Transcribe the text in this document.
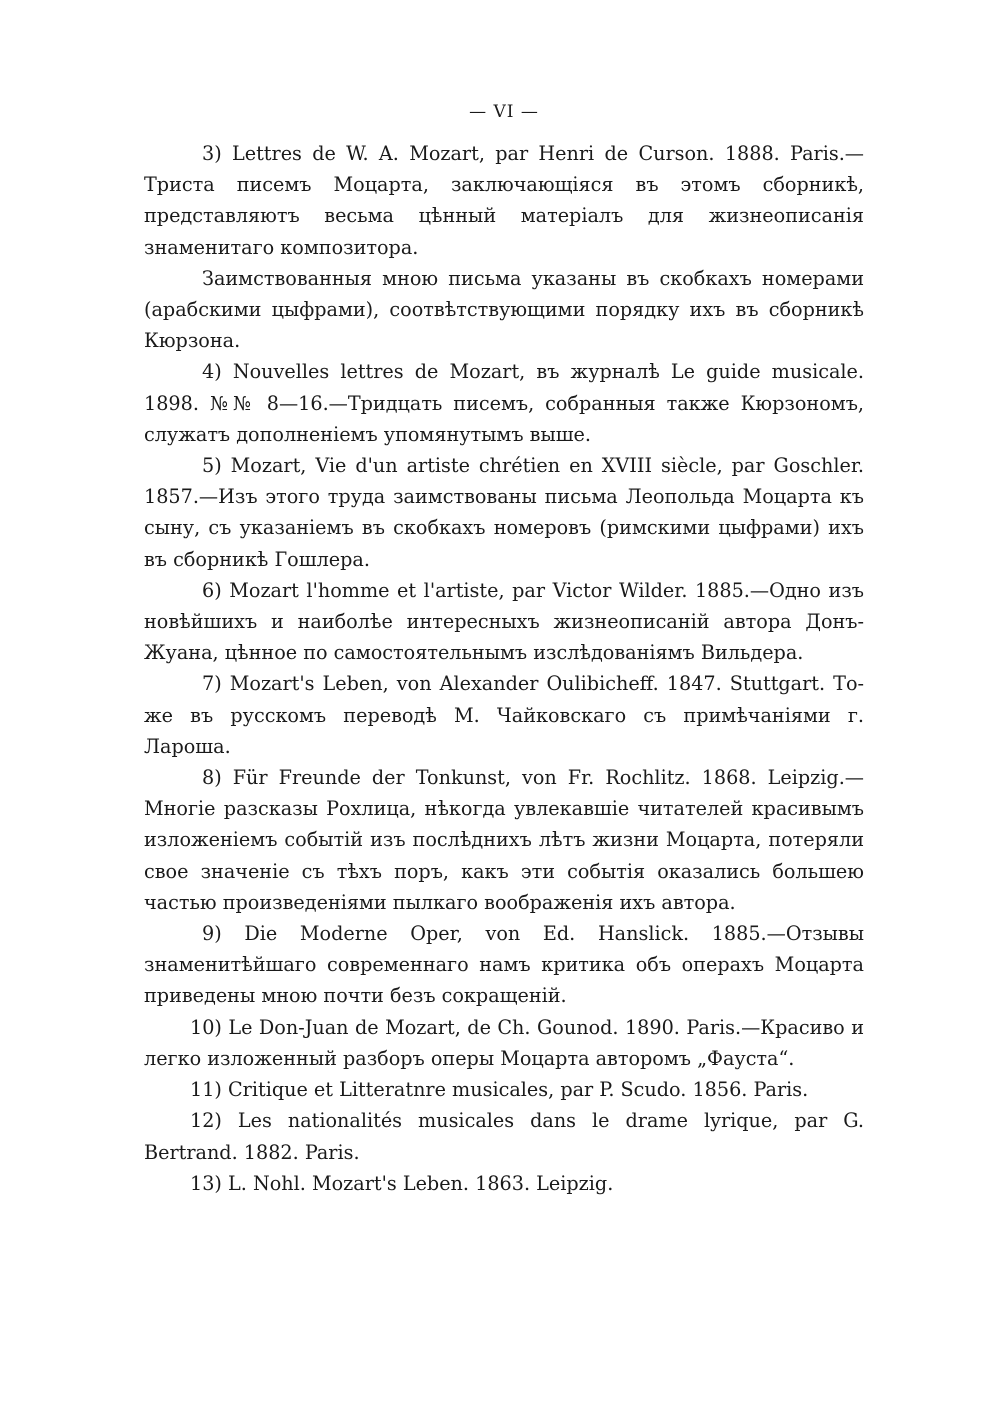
— VI —

3) Lettres de W. A. Mozart, par Henri de Curson. 1888. Paris.—Триста писемъ Моцарта, заключающіяся въ этомъ сборникѣ, представляютъ весьма цѣнный матеріалъ для жизнеописанія знаменитаго композитора.

Заимствованныя мною письма указаны въ скобкахъ номерами (арабскими цыфрами), соотвѣтствующими порядку ихъ въ сборникѣ Кюрзона.

4) Nouvelles lettres de Mozart, въ журналѣ Le guide musicale. 1898. №№ 8—16.—Тридцать писемъ, собранныя также Кюрзономъ, служатъ дополненіемъ упомянутымъ выше.

5) Mozart, Vie d'un artiste chrétien en XVIII siècle, par Goschler. 1857.—Изъ этого труда заимствованы письма Леопольда Моцарта къ сыну, съ указаніемъ въ скобкахъ номеровъ (римскими цыфрами) ихъ въ сборникѣ Гошлера.

6) Mozart l'homme et l'artiste, par Victor Wilder. 1885.—Одно изъ новѣйшихъ и наиболѣе интересныхъ жизнеописаній автора Донъ-Жуана, цѣнное по самостоятельнымъ изслѣдованіямъ Вильдера.

7) Mozart's Leben, von Alexander Oulibicheff. 1847. Stuttgart. То-же въ русскомъ переводѣ М. Чайковскаго съ примѣчаніями г. Лароша.

8) Für Freunde der Tonkunst, von Fr. Rochlitz. 1868. Leipzig.—Многіе разсказы Рохлица, нѣкогда увлекавшіе читателей красивымъ изложеніемъ событій изъ послѣднихъ лѣтъ жизни Моцарта, потеряли свое значеніе съ тѣхъ поръ, какъ эти событія оказались большею частью произведеніями пылкаго воображенія ихъ автора.

9) Die Moderne Oper, von Ed. Hanslick. 1885.—Отзывы знаменитѣйшаго современнаго намъ критика объ операхъ Моцарта приведены мною почти безъ сокращеній.

10) Le Don-Juan de Mozart, de Ch. Gounod. 1890. Paris.—Красиво и легко изложенный разборъ оперы Моцарта авторомъ „Фауста“.

11) Critique et Litteratnre musicales, par P. Scudo. 1856. Paris.

12) Les nationalités musicales dans le drame lyrique, par G. Bertrand. 1882. Paris.

13) L. Nohl. Mozart's Leben. 1863. Leipzig.
